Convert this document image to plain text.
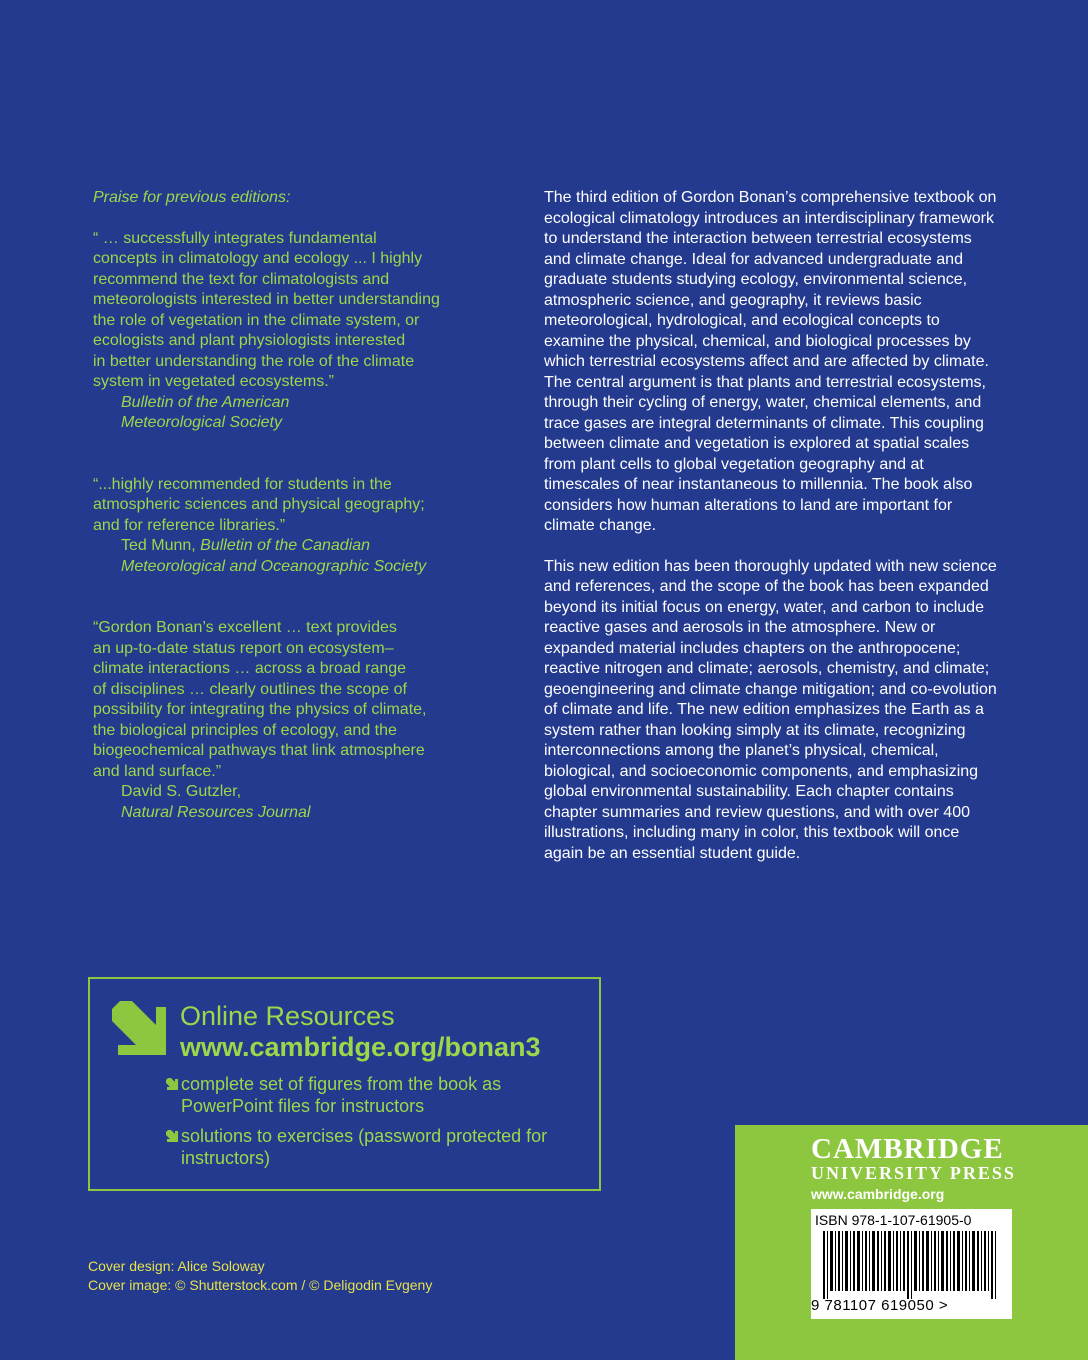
Praise for previous editions:
“ … successfully integrates fundamental
concepts in climatology and ecology ... I highly
recommend the text for climatologists and
meteorologists interested in better understanding
the role of vegetation in the climate system, or
ecologists and plant physiologists interested
in better understanding the role of the climate
system in vegetated ecosystems.”
Bulletin of the American
Meteorological Society
“...highly recommended for students in the
atmospheric sciences and physical geography;
and for reference libraries.”
Ted Munn, Bulletin of the Canadian
Meteorological and Oceanographic Society
“Gordon Bonan’s excellent … text provides
an up-to-date status report on ecosystem–
climate interactions … across a broad range
of disciplines … clearly outlines the scope of
possibility for integrating the physics of climate,
the biological principles of ecology, and the
biogeochemical pathways that link atmosphere
and land surface.”
David S. Gutzler,
Natural Resources Journal

The third edition of Gordon Bonan’s comprehensive textbook on ecological climatology introduces an interdisciplinary framework to understand the interaction between terrestrial ecosystems and climate change. Ideal for advanced undergraduate and graduate students studying ecology, environmental science, atmospheric science, and geography, it reviews basic meteorological, hydrological, and ecological concepts to examine the physical, chemical, and biological processes by which terrestrial ecosystems affect and are affected by climate. The central argument is that plants and terrestrial ecosystems, through their cycling of energy, water, chemical elements, and trace gases are integral determinants of climate. This coupling between climate and vegetation is explored at spatial scales from plant cells to global vegetation geography and at timescales of near instantaneous to millennia. The book also considers how human alterations to land are important for climate change.

This new edition has been thoroughly updated with new science and references, and the scope of the book has been expanded beyond its initial focus on energy, water, and carbon to include reactive gases and aerosols in the atmosphere. New or expanded material includes chapters on the anthropocene; reactive nitrogen and climate; aerosols, chemistry, and climate; geoengineering and climate change mitigation; and co-evolution of climate and life. The new edition emphasizes the Earth as a system rather than looking simply at its climate, recognizing interconnections among the planet’s physical, chemical, biological, and socioeconomic components, and emphasizing global environmental sustainability. Each chapter contains chapter summaries and review questions, and with over 400 illustrations, including many in color, this textbook will once again be an essential student guide.

Online Resources
www.cambridge.org/bonan3
complete set of figures from the book as PowerPoint files for instructors
solutions to exercises (password protected for instructors)
Cover design: Alice Soloway
Cover image: © Shutterstock.com / © Deligodin Evgeny
CAMBRIDGE
UNIVERSITY PRESS
www.cambridge.org
ISBN 978-1-107-61905-0
9 781107 619050 >
